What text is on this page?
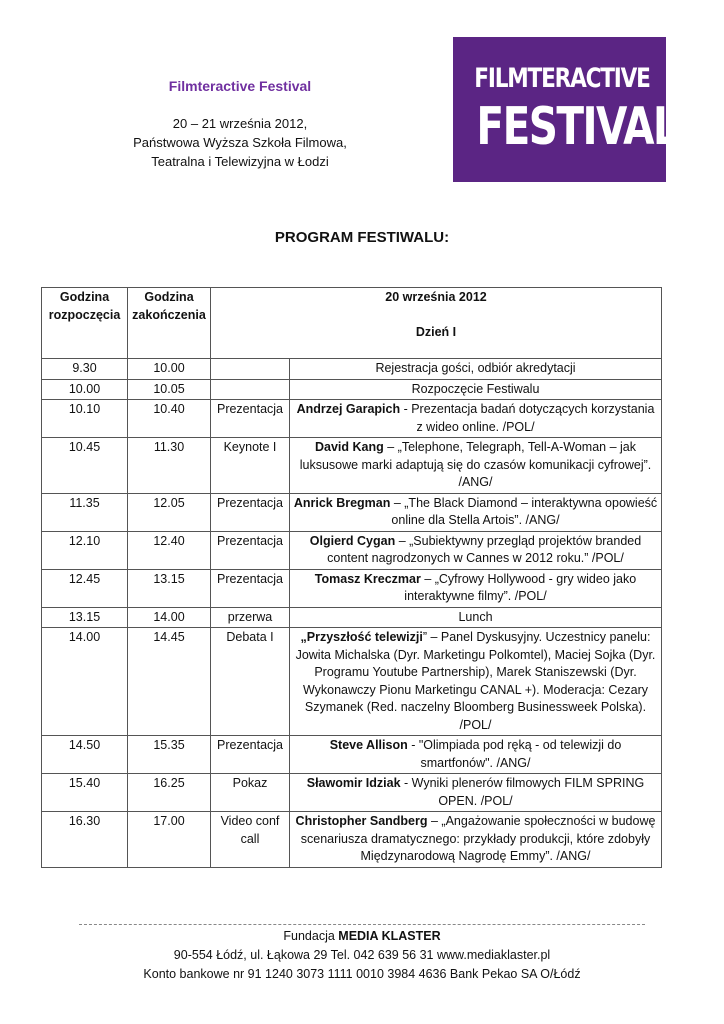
Filmteractive Festival
20 – 21 września 2012,
Państwowa Wyższa Szkoła Filmowa,
Teatralna i Telewizyjna w Łodzi
FILMTERACTIVE
FESTIVAL
PROGRAM FESTIWALU:
Godzina rozpoczęcia	Godzina zakończenia	20 września 2012
Dzień I	

9.30	10.00		Rejestracja gości, odbiór akredytacji
10.00	10.05		Rozpoczęcie Festiwalu
10.10	10.40	Prezentacja	Andrzej Garapich - Prezentacja badań dotyczących korzystania z wideo online. /POL/
10.45	11.30	Keynote I	David Kang – „Telephone, Telegraph, Tell-A-Woman – jak luksusowe marki adaptują się do czasów komunikacji cyfrowej”. /ANG/
11.35	12.05	Prezentacja	Anrick Bregman – „The Black Diamond – interaktywna opowieść online dla Stella Artois”. /ANG/
12.10	12.40	Prezentacja	Olgierd Cygan – „Subiektywny przegląd projektów branded content nagrodzonych w Cannes w 2012 roku.” /POL/
12.45	13.15	Prezentacja	Tomasz Kreczmar – „Cyfrowy Hollywood - gry wideo jako interaktywne filmy”. /POL/
13.15	14.00	przerwa	Lunch
14.00	14.45	Debata I	„Przyszłość telewizji” – Panel Dyskusyjny. Uczestnicy panelu: Jowita Michalska (Dyr. Marketingu Polkomtel), Maciej Sojka (Dyr. Programu Youtube Partnership), Marek Staniszewski (Dyr. Wykonawczy Pionu Marketingu CANAL +). Moderacja: Cezary Szymanek (Red. naczelny Bloomberg Businessweek Polska). /POL/
14.50	15.35	Prezentacja	Steve Allison - "Olimpiada pod ręką - od telewizji do smartfonów". /ANG/
15.40	16.25	Pokaz	Sławomir Idziak - Wyniki plenerów filmowych FILM SPRING OPEN. /POL/
16.30	17.00	Video conf call	Christopher Sandberg – „Angażowanie społeczności w budowę scenariusza dramatycznego: przykłady produkcji, które zdobyły Międzynarodową Nagrodę Emmy”. /ANG/
Fundacja MEDIA KLASTER
90-554 Łódź, ul. Łąkowa 29 Tel. 042 639 56 31 www.mediaklaster.pl
Konto bankowe nr 91 1240 3073 1111 0010 3984 4636 Bank Pekao SA O/Łódź
